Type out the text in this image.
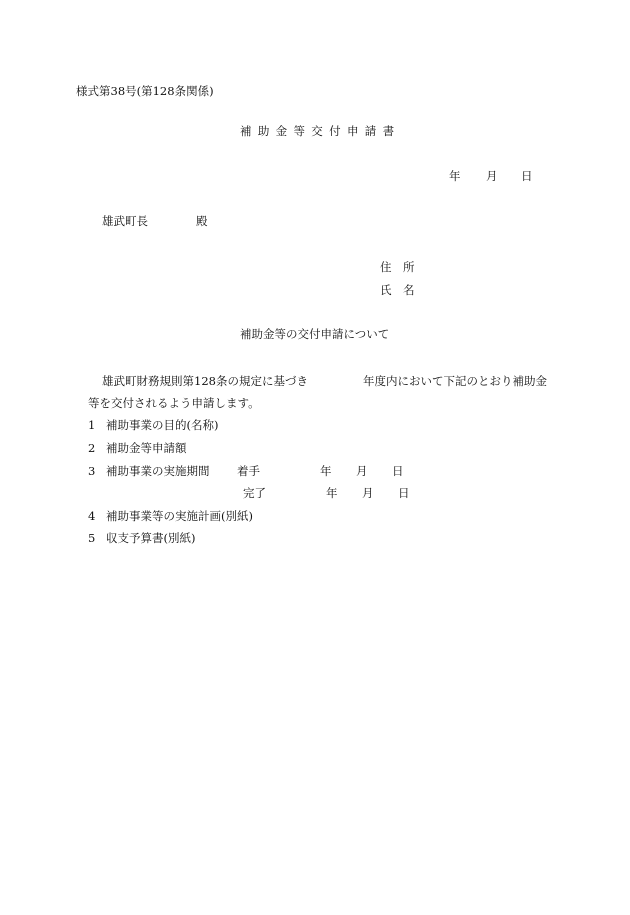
様式第38号(第128条関係)
補助金等交付申請書
年 月 日
雄武町長	殿
住　所
氏　名
補助金等の交付申請について
雄武町財務規則第128条の規定に基づき	年度内において下記のとおり補助金
等を交付されるよう申請します。
1 補助事業の目的(名称)
2 補助金等申請額
3 補助事業の実施期間 着手	年 月 日
完了	年 月 日
4 補助事業等の実施計画(別紙)
5 収支予算書(別紙)
